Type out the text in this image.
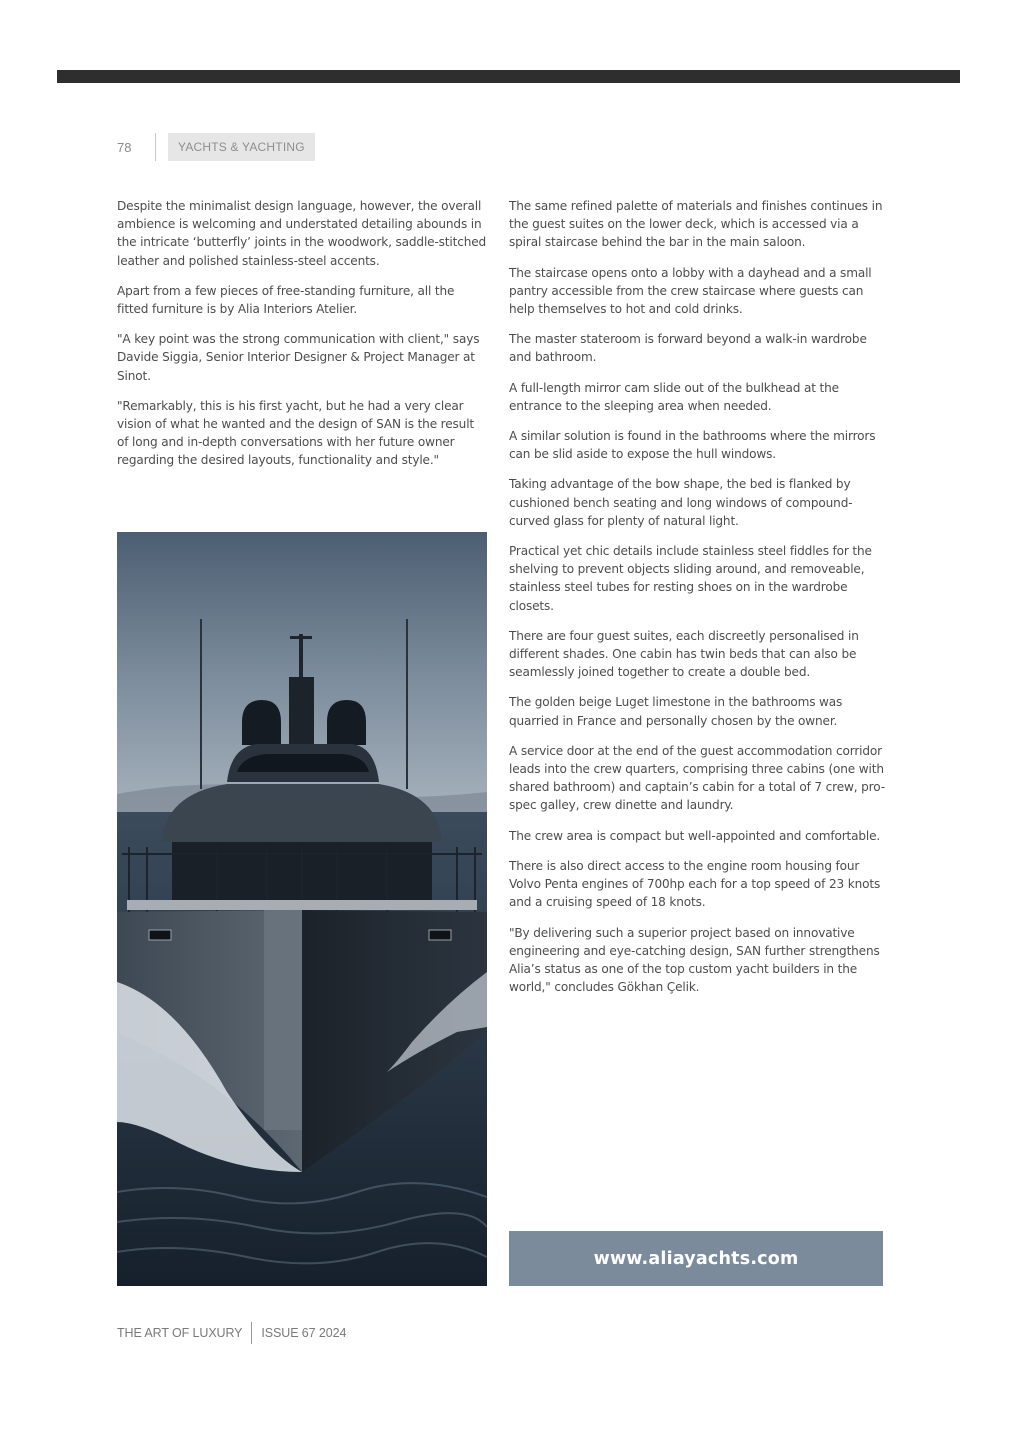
78	YACHTS & YACHTING

Despite the minimalist design language, however, the overall ambience is welcoming and understated detailing abounds in the intricate ‘butterfly’ joints in the woodwork, saddle-stitched leather and polished stainless-steel accents.

Apart from a few pieces of free-standing furniture, all the fitted furniture is by Alia Interiors Atelier.

"A key point was the strong communication with client," says Davide Siggia, Senior Interior Designer & Project Manager at Sinot.

"Remarkably, this is his first yacht, but he had a very clear vision of what he wanted and the design of SAN is the result of long and in-depth conversations with her future owner regarding the desired layouts, functionality and style."

The same refined palette of materials and finishes continues in the guest suites on the lower deck, which is accessed via a spiral staircase behind the bar in the main saloon.

The staircase opens onto a lobby with a dayhead and a small pantry accessible from the crew staircase where guests can help themselves to hot and cold drinks.

The master stateroom is forward beyond a walk-in wardrobe and bathroom.

A full-length mirror cam slide out of the bulkhead at the entrance to the sleeping area when needed.

A similar solution is found in the bathrooms where the mirrors can be slid aside to expose the hull windows.

Taking advantage of the bow shape, the bed is flanked by cushioned bench seating and long windows of compound-curved glass for plenty of natural light.

Practical yet chic details include stainless steel fiddles for the shelving to prevent objects sliding around, and removeable, stainless steel tubes for resting shoes on in the wardrobe closets.

There are four guest suites, each discreetly personalised in different shades. One cabin has twin beds that can also be seamlessly joined together to create a double bed.

The golden beige Luget limestone in the bathrooms was quarried in France and personally chosen by the owner.

A service door at the end of the guest accommodation corridor leads into the crew quarters, comprising three cabins (one with shared bathroom) and captain’s cabin for a total of 7 crew, pro-spec galley, crew dinette and laundry.

The crew area is compact but well-appointed and comfortable.

There is also direct access to the engine room housing four Volvo Penta engines of 700hp each for a top speed of 23 knots and a cruising speed of 18 knots.

"By delivering such a superior project based on innovative engineering and eye-catching design, SAN further strengthens Alia’s status as one of the top custom yacht builders in the world," concludes Gökhan Çelik.

www.aliayachts.com
THE ART OF LUXURY ISSUE 67 2024
